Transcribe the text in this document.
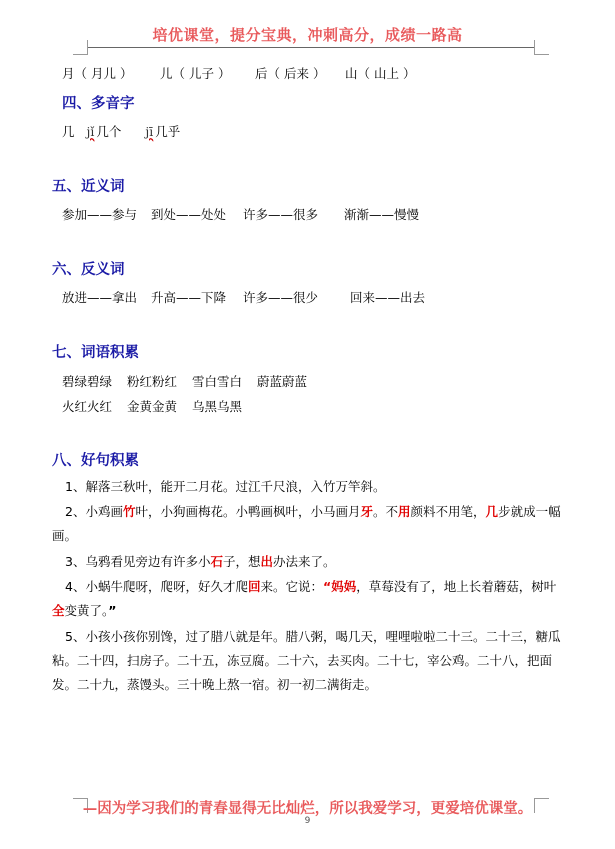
培优课堂，提分宝典，冲刺高分，成绩一路高
月（ 月儿 ） 儿（ 儿子 ） 后（ 后来 ） 山（ 山上 ）
四、多音字
几 jǐ 几个 jī 几乎
五、近义词
参加——参与 到处——处处 许多——很多 渐渐——慢慢
六、反义词
放进——拿出 升高——下降 许多——很少	回来——出去
七、词语积累
碧绿碧绿 粉红粉红 雪白雪白 蔚蓝蔚蓝
火红火红 金黄金黄 乌黑乌黑
八、好句积累

1、解落三秋叶，能开二月花。过江千尺浪，入竹万竿斜。

2、小鸡画竹叶，小狗画梅花。小鸭画枫叶，小马画月牙。不用颜料不用笔，几步就成一幅画。

3、乌鸦看见旁边有许多小石子，想出办法来了。

4、小蜗牛爬呀，爬呀，好久才爬回来。它说：“妈妈，草莓没有了，地上长着蘑菇，树叶全变黄了。”

5、小孩小孩你别馋，过了腊八就是年。腊八粥，喝几天，哩哩啦啦二十三。二十三，糖瓜粘。二十四，扫房子。二十五，冻豆腐。二十六，去买肉。二十七，宰公鸡。二十八，把面发。二十九，蒸馒头。三十晚上熬一宿。初一初二满街走。

—因为学习我们的青春显得无比灿烂，所以我爱学习，更爱培优课堂。
9
